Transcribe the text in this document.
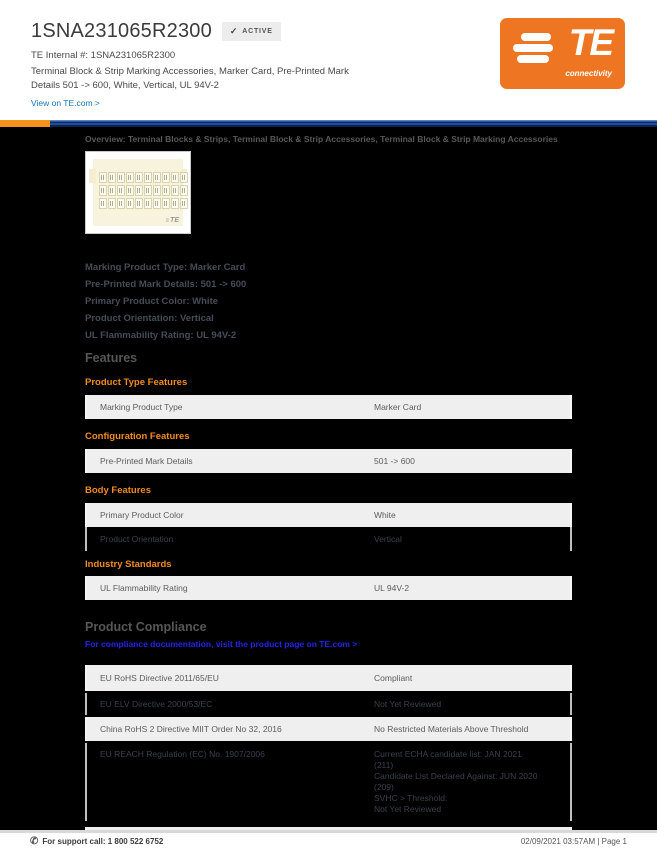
1SNA231065R2300 ✓ ACTIVE
TE Internal #: 1SNA231065R2300
Terminal Block & Strip Marking Accessories, Marker Card, Pre-Printed Mark Details 501 -> 600, White, Vertical, UL 94V-2
View on TE.com >
TE
connectivity
Overview: Terminal Blocks & Strips, Terminal Block & Strip Accessories, Terminal Block & Strip Marking Accessories
≡ TE
Marking Product Type: Marker Card
Pre-Printed Mark Details: 501 -> 600
Primary Product Color: White
Product Orientation: Vertical
UL Flammability Rating: UL 94V-2
Features
Product Type Features
Marking Product Type	Marker Card
Configuration Features
Pre-Printed Mark Details	501 -> 600
Body Features
Primary Product Color	White
Product Orientation	Vertical
Industry Standards
UL Flammability Rating	UL 94V-2
Product Compliance
For compliance documentation, visit the product page on TE.com >
EU RoHS Directive 2011/65/EU	Compliant
EU ELV Directive 2000/53/EC	Not Yet Reviewed
China RoHS 2 Directive MIIT Order No 32, 2016	No Restricted Materials Above Threshold
EU REACH Regulation (EC) No. 1907/2006	Current ECHA candidate list: JAN 2021
(211)
Candidate List Declared Against: JUN 2020
(209)
SVHC > Threshold:
Not Yet Reviewed
✆ For support call: 1 800 522 6752	02/09/2021 03:57AM | Page 1
